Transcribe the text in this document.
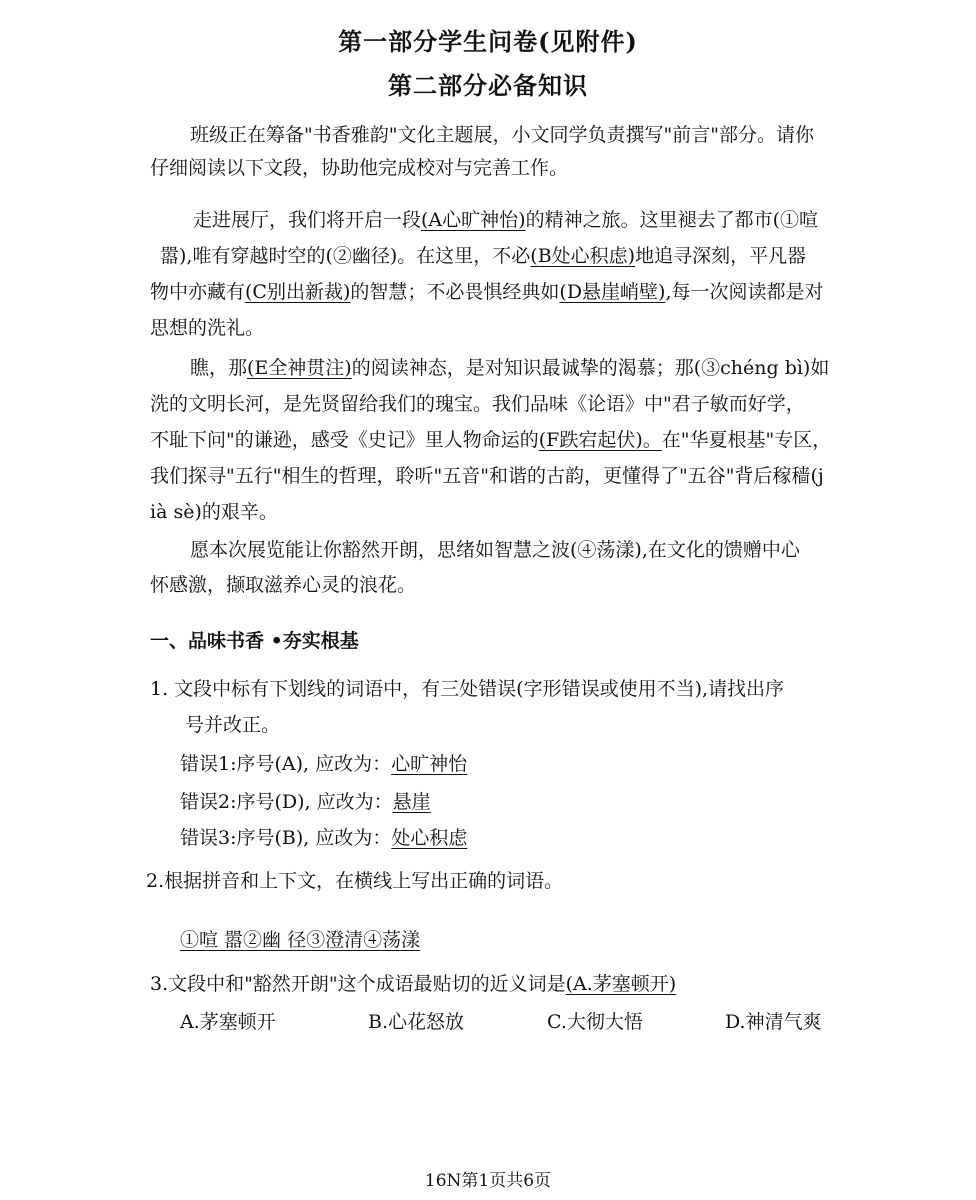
第一部分学生问卷(见附件)
第二部分必备知识
班级正在筹备"书香雅韵"文化主题展，小文同学负责撰写"前言"部分。请你
仔细阅读以下文段，协助他完成校对与完善工作。
走进展厅，我们将开启一段(A心旷神怡)的精神之旅。这里褪去了都市(①喧
嚣),唯有穿越时空的(②幽径)。在这里，不必(B处心积虑)地追寻深刻，平凡器
物中亦藏有(C别出新裁)的智慧；不必畏惧经典如(D悬崖峭壁),每一次阅读都是对
思想的洗礼。
瞧，那(E全神贯注)的阅读神态，是对知识最诚挚的渴慕；那(③chéng bì)如
洗的文明长河，是先贤留给我们的瑰宝。我们品味《论语》中"君子敏而好学，
不耻下问"的谦逊，感受《史记》里人物命运的(F跌宕起伏)。在"华夏根基"专区，
我们探寻"五行"相生的哲理，聆听"五音"和谐的古韵，更懂得了"五谷"背后稼穑(j
ià sè)的艰辛。
愿本次展览能让你豁然开朗，思绪如智慧之波(④荡漾),在文化的馈赠中心
怀感激，撷取滋养心灵的浪花。
一、品味书香 •夯实根基
1. 文段中标有下划线的词语中，有三处错误(字形错误或使用不当),请找出序
号并改正。
错误1:序号(A), 应改为：心旷神怡
错误2:序号(D), 应改为：悬崖
错误3:序号(B), 应改为：处心积虑
2.根据拼音和上下文，在横线上写出正确的词语。
①喧 嚣②幽 径③澄清④荡漾
3.文段中和"豁然开朗"这个成语最贴切的近义词是(A.茅塞顿开)
A.茅塞顿开	B.心花怒放	C.大彻大悟	D.神清气爽
16N第1页共6页
